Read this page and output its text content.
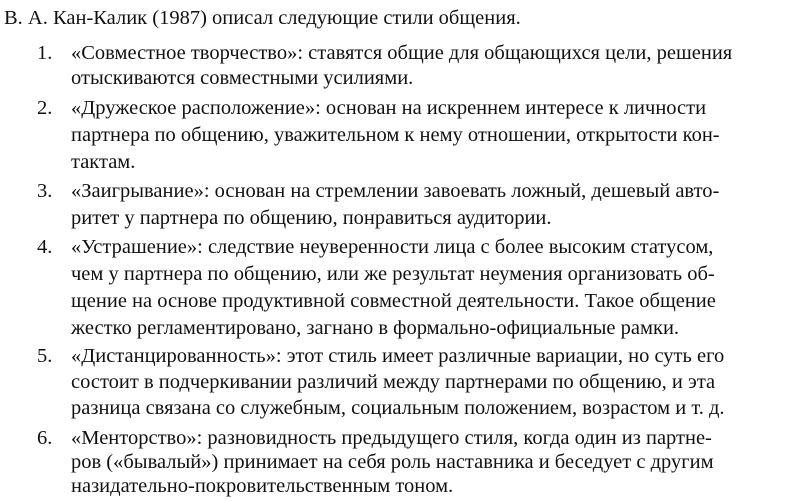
В. А. Кан-Калик (1987) описал следующие стили общения.
1. «Совместное творчество»: ставятся общие для общающихся цели, решения
отыскиваются совместными усилиями.
2. «Дружеское расположение»: основан на искреннем интересе к личности
партнера по общению, уважительном к нему отношении, открытости кон-
тактам.
3. «Заигрывание»: основан на стремлении завоевать ложный, дешевый авто-
ритет у партнера по общению, понравиться аудитории.
4. «Устрашение»: следствие неуверенности лица с более высоким статусом,
чем у партнера по общению, или же результат неумения организовать об-
щение на основе продуктивной совместной деятельности. Такое общение
жестко регламентировано, загнано в формально-официальные рамки.
5. «Дистанцированность»: этот стиль имеет различные вариации, но суть его
состоит в подчеркивании различий между партнерами по общению, и эта
разница связана со служебным, социальным положением, возрастом и т. д.
6. «Менторство»: разновидность предыдущего стиля, когда один из партне-
ров («бывалый») принимает на себя роль наставника и беседует с другим
назидательно-покровительственным тоном.
